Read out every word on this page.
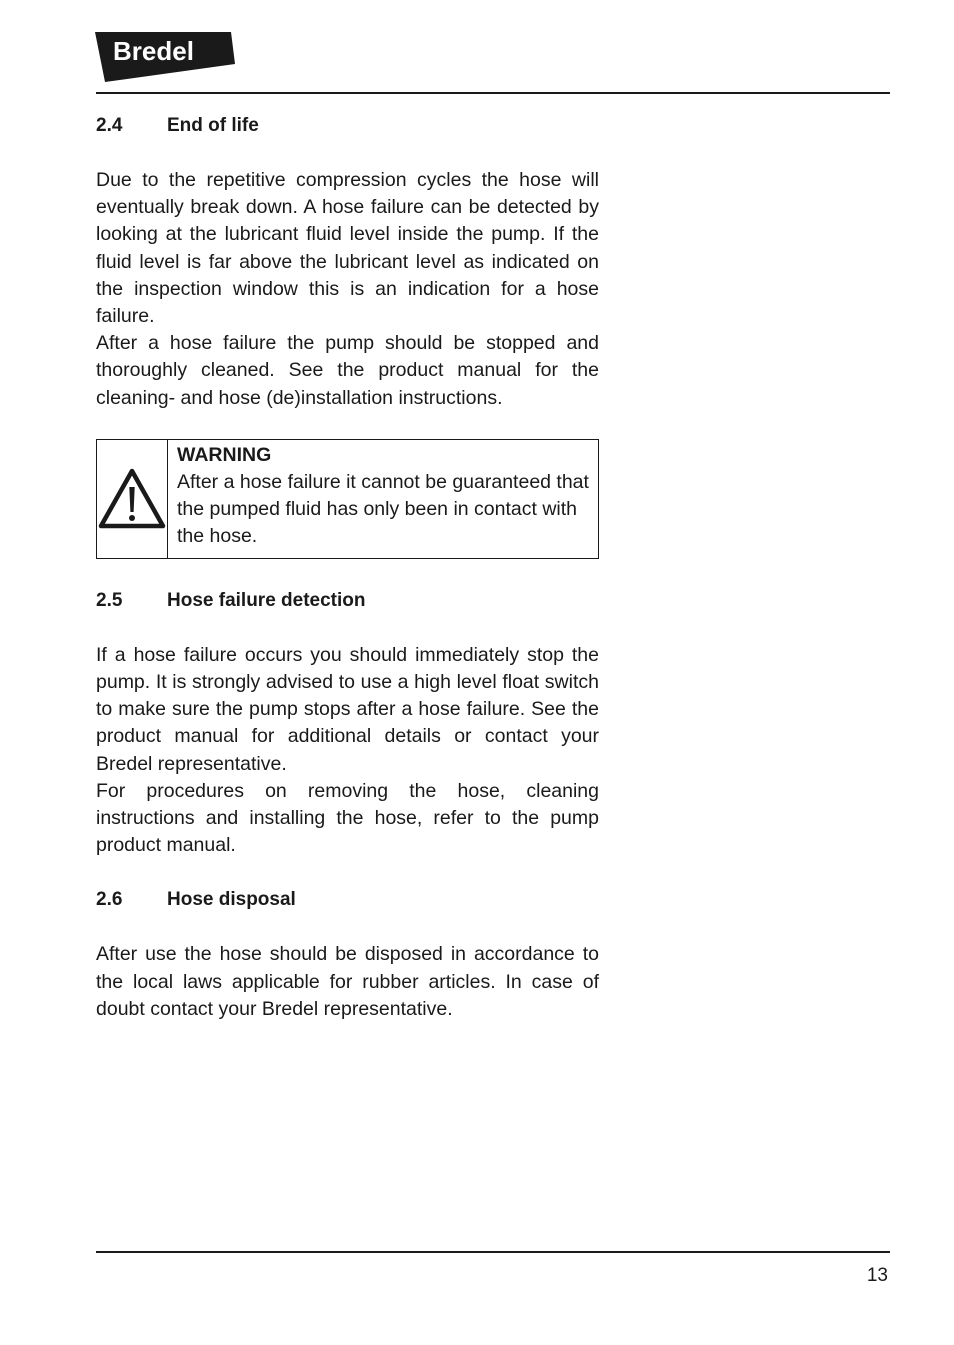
Bredel
2.4	End of life

Due to the repetitive compression cycles the hose will eventually break down. A hose failure can be detected by looking at the lubricant fluid level inside the pump. If the fluid level is far above the lubricant level as indicated on the inspection window this is an indication for a hose failure.

After a hose failure the pump should be stopped and thoroughly cleaned. See the product manual for the cleaning- and hose (de)installation instructions.

WARNING
After a hose failure it cannot be guaranteed that the pumped fluid has only been in contact with the hose.
2.5	Hose failure detection

If a hose failure occurs you should immediately stop the pump. It is strongly advised to use a high level float switch to make sure the pump stops after a hose failure. See the product manual for additional details or contact your Bredel representative.

For procedures on removing the hose, cleaning instructions and installing the hose, refer to the pump product manual.

2.6	Hose disposal

After use the hose should be disposed in accordance to the local laws applicable for rubber articles. In case of doubt contact your Bredel representative.

13
